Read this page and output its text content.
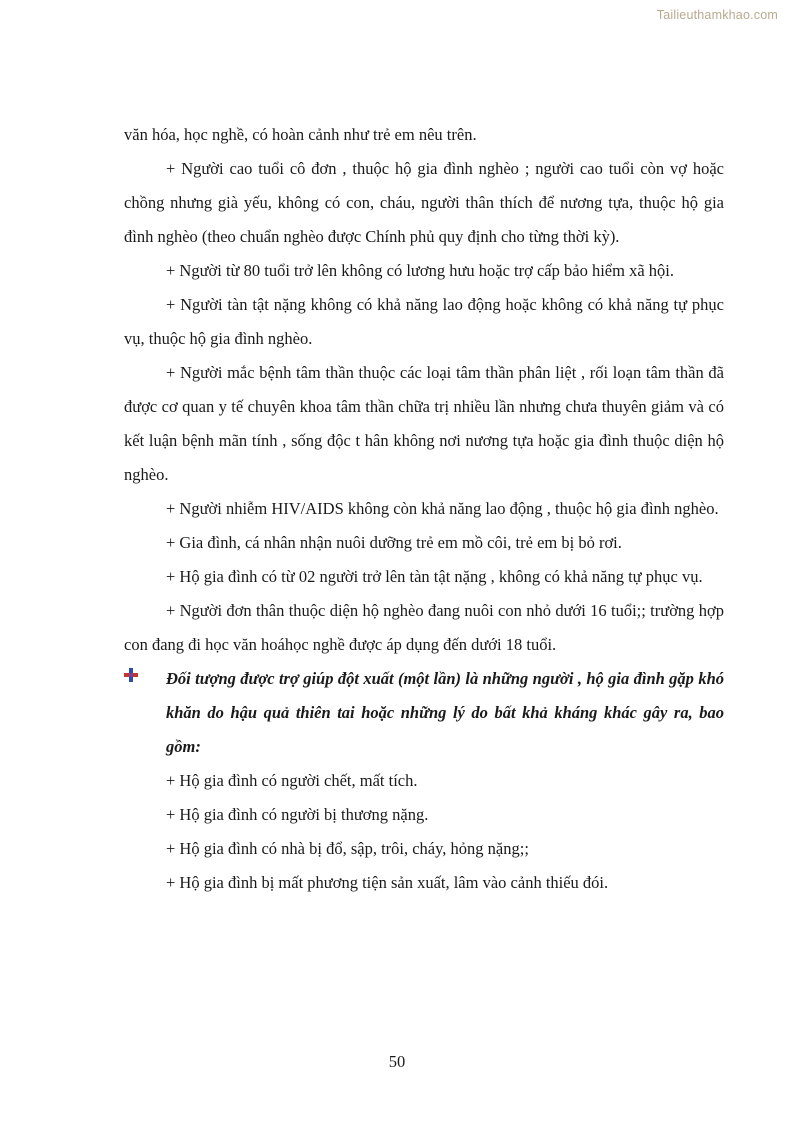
Tailieuthamkhao.com

văn hóa, học nghề, có hoàn cảnh như trẻ em nêu trên.

+ Người cao tuổi cô đơn , thuộc hộ gia đình nghèo ; người cao tuổi còn vợ hoặc chồng nhưng già yếu, không có con, cháu, người thân thích để nương tựa, thuộc hộ gia đình nghèo (theo chuẩn nghèo được Chính phủ quy định cho từng thời kỳ).

+ Người từ 80 tuổi trở lên không có lương hưu hoặc trợ cấp bảo hiểm xã hội.

+ Người tàn tật nặng không có khả năng lao động hoặc không có khả năng tự phục vụ, thuộc hộ gia đình nghèo.

+ Người mắc bệnh tâm thần thuộc các loại tâm thần phân liệt , rối loạn tâm thần đã được cơ quan y tế chuyên khoa tâm thần chữa trị nhiều lần nhưng chưa thuyên giảm và có kết luận bệnh mãn tính , sống độc t hân không nơi nương tựa hoặc gia đình thuộc diện hộ nghèo.

+ Người nhiễm HIV/AIDS không còn khả năng lao động , thuộc hộ gia đình nghèo.

+ Gia đình, cá nhân nhận nuôi dưỡng trẻ em mồ côi, trẻ em bị bỏ rơi.

+ Hộ gia đình có từ 02 người trở lên tàn tật nặng , không có khả năng tự phục vụ.

+ Người đơn thân thuộc diện hộ nghèo đang nuôi con nhỏ dưới 16 tuổi;; trường hợp con đang đi học văn hoáhọc nghề được áp dụng đến dưới 18 tuổi.

Đối tượng được trợ giúp đột xuất (một lần) là những người , hộ gia đình gặp khó khăn do hậu quả thiên tai hoặc những lý do bất khả kháng khác gây ra, bao gồm:

+ Hộ gia đình có người chết, mất tích.

+ Hộ gia đình có người bị thương nặng.

+ Hộ gia đình có nhà bị đổ, sập, trôi, cháy, hỏng nặng;;

+ Hộ gia đình bị mất phương tiện sản xuất, lâm vào cảnh thiếu đói.

50
